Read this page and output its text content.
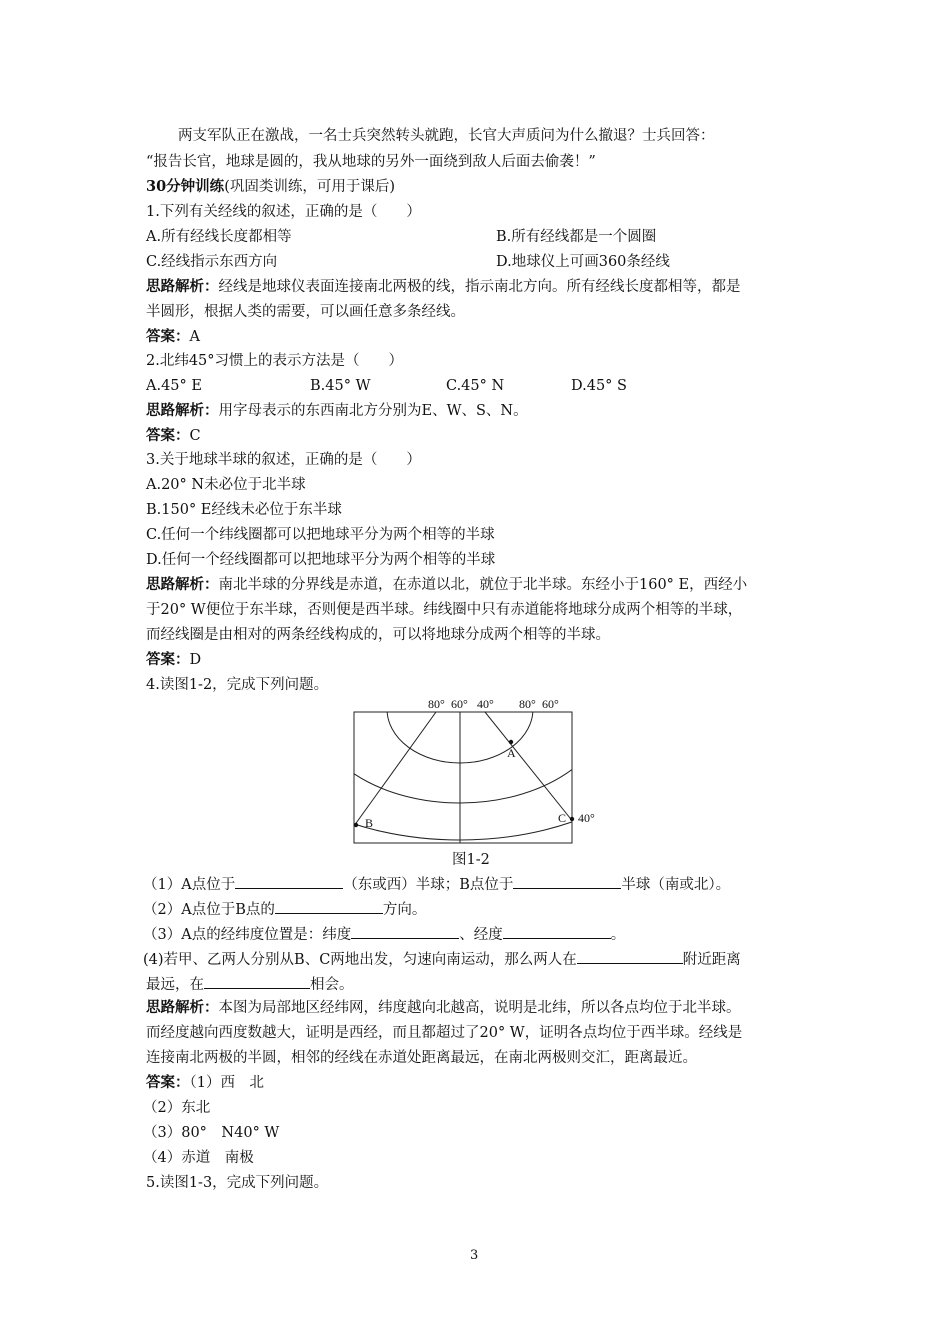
两支军队正在激战，一名士兵突然转头就跑，长官大声质问为什么撤退？士兵回答：
“报告长官，地球是圆的，我从地球的另外一面绕到敌人后面去偷袭！”
30分钟训练(巩固类训练，可用于课后)
1.下列有关经线的叙述，正确的是（　　）
A.所有经线长度都相等	B.所有经线都是一个圆圈
C.经线指示东西方向	D.地球仪上可画360条经线
思路解析：经线是地球仪表面连接南北两极的线，指示南北方向。所有经线长度都相等，都是
半圆形，根据人类的需要，可以画任意多条经线。
答案：A
2.北纬45°习惯上的表示方法是（　　）
A.45° E	B.45° W	C.45° N	D.45° S
思路解析：用字母表示的东西南北方分别为E、W、S、N。
答案：C
3.关于地球半球的叙述，正确的是（　　）
A.20° N未必位于北半球
B.150° E经线未必位于东半球
C.任何一个纬线圈都可以把地球平分为两个相等的半球
D.任何一个经线圈都可以把地球平分为两个相等的半球
思路解析：南北半球的分界线是赤道，在赤道以北，就位于北半球。东经小于160° E，西经小
于20° W便位于东半球，否则便是西半球。纬线圈中只有赤道能将地球分成两个相等的半球，
而经线圈是由相对的两条经线构成的，可以将地球分成两个相等的半球。
答案：D
4.读图1-2，完成下列问题。
80° 60° 40° 80° 60°
40°
A
B	C
图1-2
（1）A点位于	（东或西）半球；B点位于	半球（南或北）。
（2）A点位于B点的	方向。
（3）A点的经纬度位置是：纬度	、经度	。
(4)若甲、乙两人分别从B、C两地出发，匀速向南运动，那么两人在	附近距离
最远，在	相会。
思路解析：本图为局部地区经纬网，纬度越向北越高，说明是北纬，所以各点均位于北半球。
而经度越向西度数越大，证明是西经，而且都超过了20° W，证明各点均位于西半球。经线是
连接南北两极的半圆，相邻的经线在赤道处距离最远，在南北两极则交汇，距离最近。
答案：（1）西　北
（2）东北
（3）80°　N40° W
（4）赤道　南极
5.读图1-3，完成下列问题。
3
